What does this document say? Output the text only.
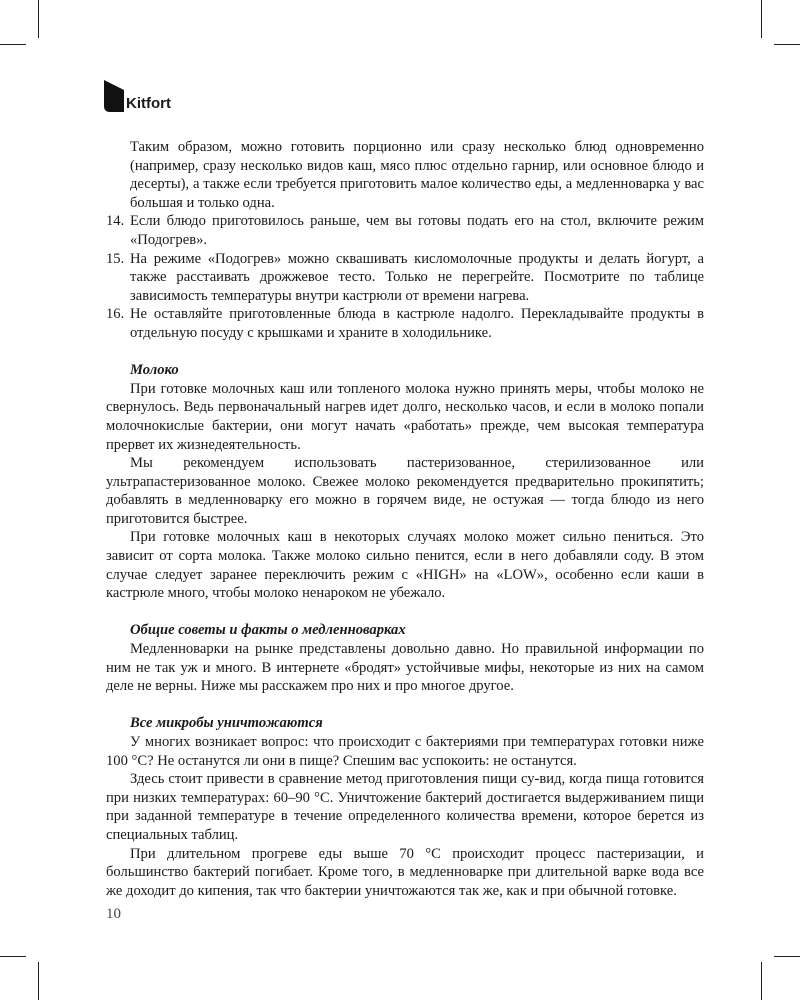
Kitfort

Таким образом, можно готовить порционно или сразу несколько блюд одновременно (например, сразу несколько видов каш, мясо плюс отдельно гарнир, или основное блюдо и десерты), а также если требуется приготовить малое количество еды, а медленноварка у вас большая и только одна.

14. Если блюдо приготовилось раньше, чем вы готовы подать его на стол, включите режим «Подогрев».
15. На режиме «Подогрев» можно сквашивать кисломолочные продукты и делать йогурт, а также расстаивать дрожжевое тесто. Только не перегрейте. Посмотрите по таблице зависимость температуры внутри кастрюли от времени нагрева.
16. Не оставляйте приготовленные блюда в кастрюле надолго. Перекладывайте продукты в отдельную посуду с крышками и храните в холодильнике.

Молоко

При готовке молочных каш или топленого молока нужно принять меры, чтобы молоко не свернулось. Ведь первоначальный нагрев идет долго, несколько часов, и если в молоко попали молочнокислые бактерии, они могут начать «работать» прежде, чем высокая температура прервет их жизнедеятельность.

Мы рекомендуем использовать пастеризованное, стерилизованное или ультрапастеризованное молоко. Свежее молоко рекомендуется предварительно прокипятить; добавлять в медленноварку его можно в горячем виде, не остужая — тогда блюдо из него приготовится быстрее.

При готовке молочных каш в некоторых случаях молоко может сильно пениться. Это зависит от сорта молока. Также молоко сильно пенится, если в него добавляли соду. В этом случае следует заранее переключить режим с «HIGH» на «LOW», особенно если каши в кастрюле много, чтобы молоко ненароком не убежало.

Общие советы и факты о медленноварках

Медленноварки на рынке представлены довольно давно. Но правильной информации по ним не так уж и много. В интернете «бродят» устойчивые мифы, некоторые из них на самом деле не верны. Ниже мы расскажем про них и про многое другое.

Все микробы уничтожаются

У многих возникает вопрос: что происходит с бактериями при температурах готовки ниже 100 °C? Не останутся ли они в пище? Спешим вас успокоить: не останутся.

Здесь стоит привести в сравнение метод приготовления пищи су-вид, когда пища готовится при низких температурах: 60–90 °C. Уничтожение бактерий достигается выдерживанием пищи при заданной температуре в течение определенного количества времени, которое берется из специальных таблиц.

При длительном прогреве еды выше 70 °C происходит процесс пастеризации, и большинство бактерий погибает. Кроме того, в медленноварке при длительной варке вода все же доходит до кипения, так что бактерии уничтожаются так же, как и при обычной готовке.

10
